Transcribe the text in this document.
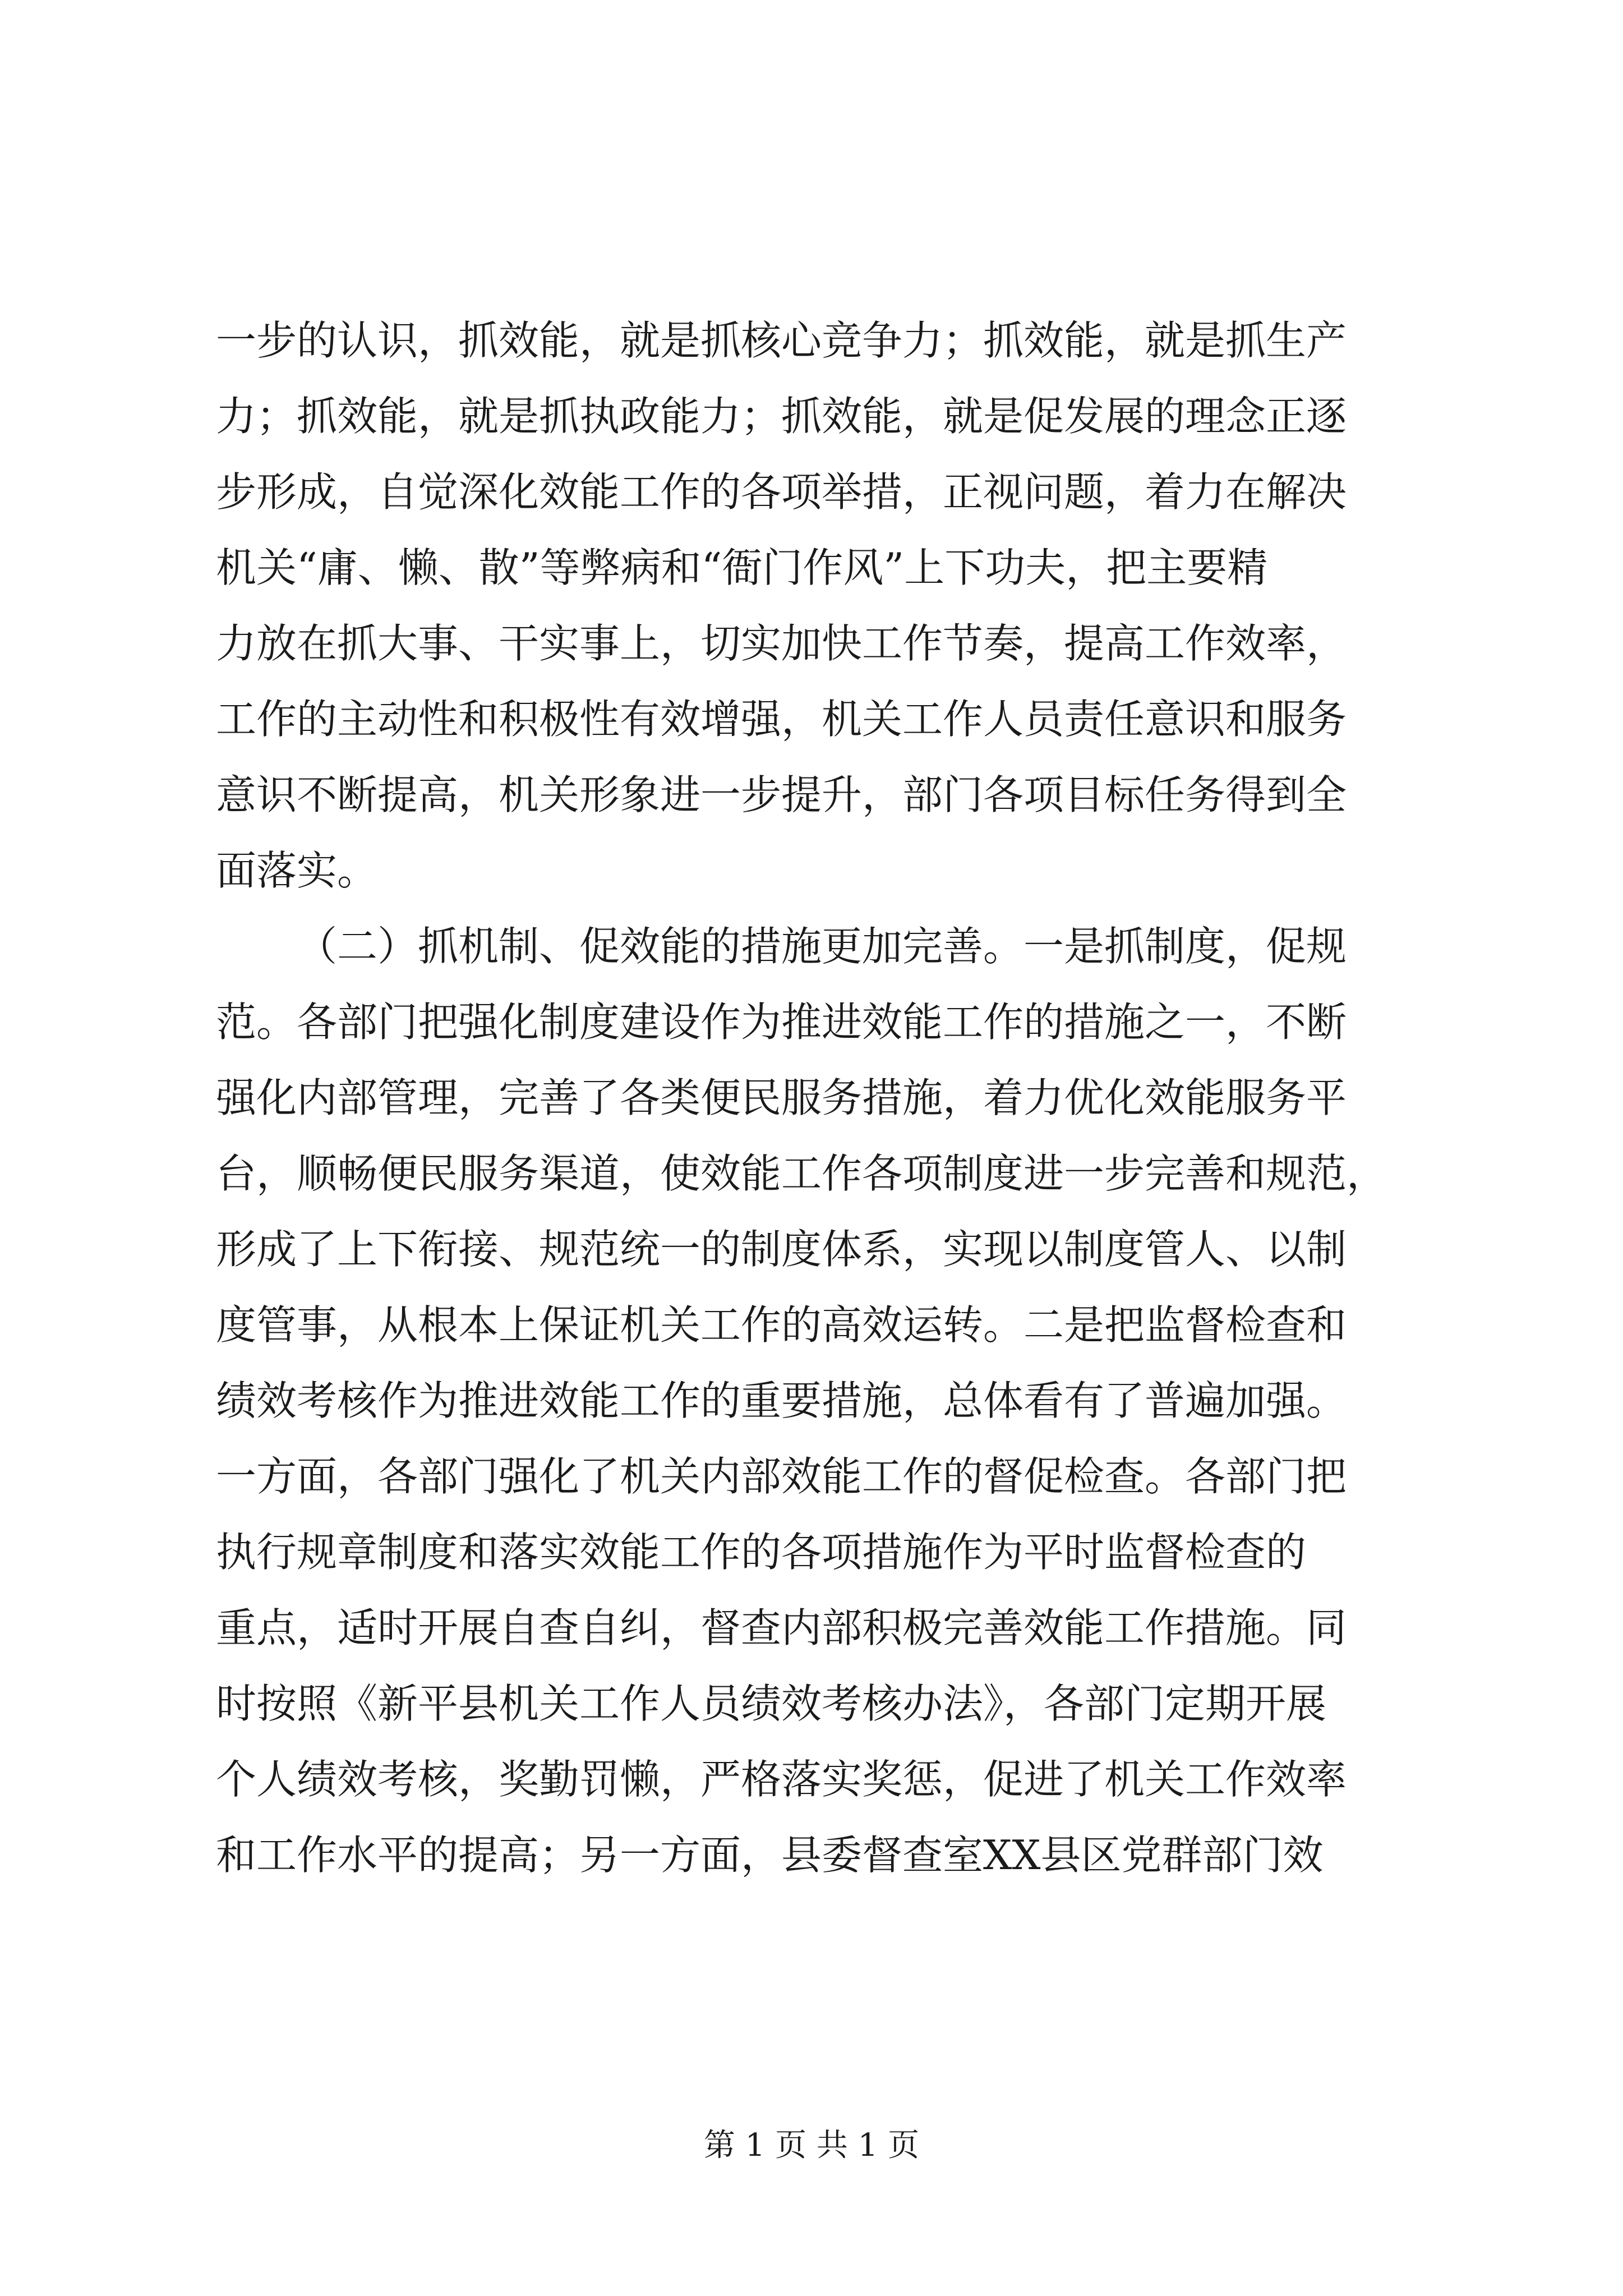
一步的认识，抓效能，就是抓核心竞争力；抓效能，就是抓生产
力；抓效能，就是抓执政能力；抓效能，就是促发展的理念正逐
步形成，自觉深化效能工作的各项举措，正视问题，着力在解决
机关“庸、懒、散”等弊病和“衙门作风”上下功夫，把主要精
力放在抓大事、干实事上，切实加快工作节奏，提高工作效率，
工作的主动性和积极性有效增强，机关工作人员责任意识和服务
意识不断提高，机关形象进一步提升，部门各项目标任务得到全
面落实。
（二）抓机制、促效能的措施更加完善。一是抓制度，促规
范。各部门把强化制度建设作为推进效能工作的措施之一，不断
强化内部管理，完善了各类便民服务措施，着力优化效能服务平
台，顺畅便民服务渠道，使效能工作各项制度进一步完善和规范，
形成了上下衔接、规范统一的制度体系，实现以制度管人、以制
度管事，从根本上保证机关工作的高效运转。二是把监督检查和
绩效考核作为推进效能工作的重要措施，总体看有了普遍加强。
一方面，各部门强化了机关内部效能工作的督促检查。各部门把
执行规章制度和落实效能工作的各项措施作为平时监督检查的
重点，适时开展自查自纠，督查内部积极完善效能工作措施。同
时按照《新平县机关工作人员绩效考核办法》，各部门定期开展
个人绩效考核，奖勤罚懒，严格落实奖惩，促进了机关工作效率
和工作水平的提高；另一方面，县委督查室XX县区党群部门效
第 1 页 共 1 页
